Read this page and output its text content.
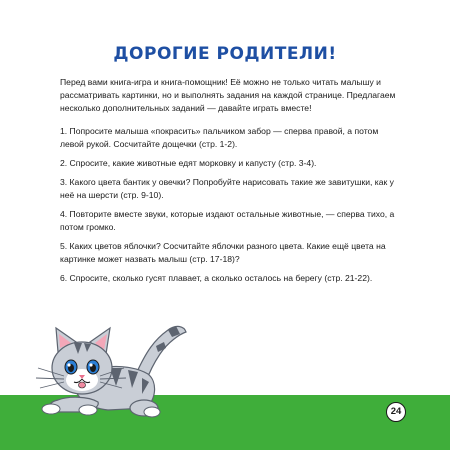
ДОРОГИЕ РОДИТЕЛИ!

Перед вами книга-игра и книга-помощник! Её можно не только читать малышу и рассматривать картинки, но и выполнять задания на каждой странице. Предлагаем несколько дополнительных заданий — давайте играть вместе!

1. Попросите малыша «покрасить» пальчиком забор — сперва правой, а потом левой рукой. Сосчитайте дощечки (стр. 1-2).
2. Спросите, какие животные едят морковку и капусту (стр. 3-4).
3. Какого цвета бантик у овечки? Попробуйте нарисовать такие же завитушки, как у неё на шерсти (стр. 9-10).
4. Повторите вместе звуки, которые издают остальные животные, — сперва тихо, а потом громко.
5. Каких цветов яблочки? Сосчитайте яблочки разного цвета. Какие ещё цвета на картинке может назвать малыш (стр. 17-18)?
6. Спросите, сколько гусят плавает, а сколько осталось на берегу (стр. 21-22).
24
